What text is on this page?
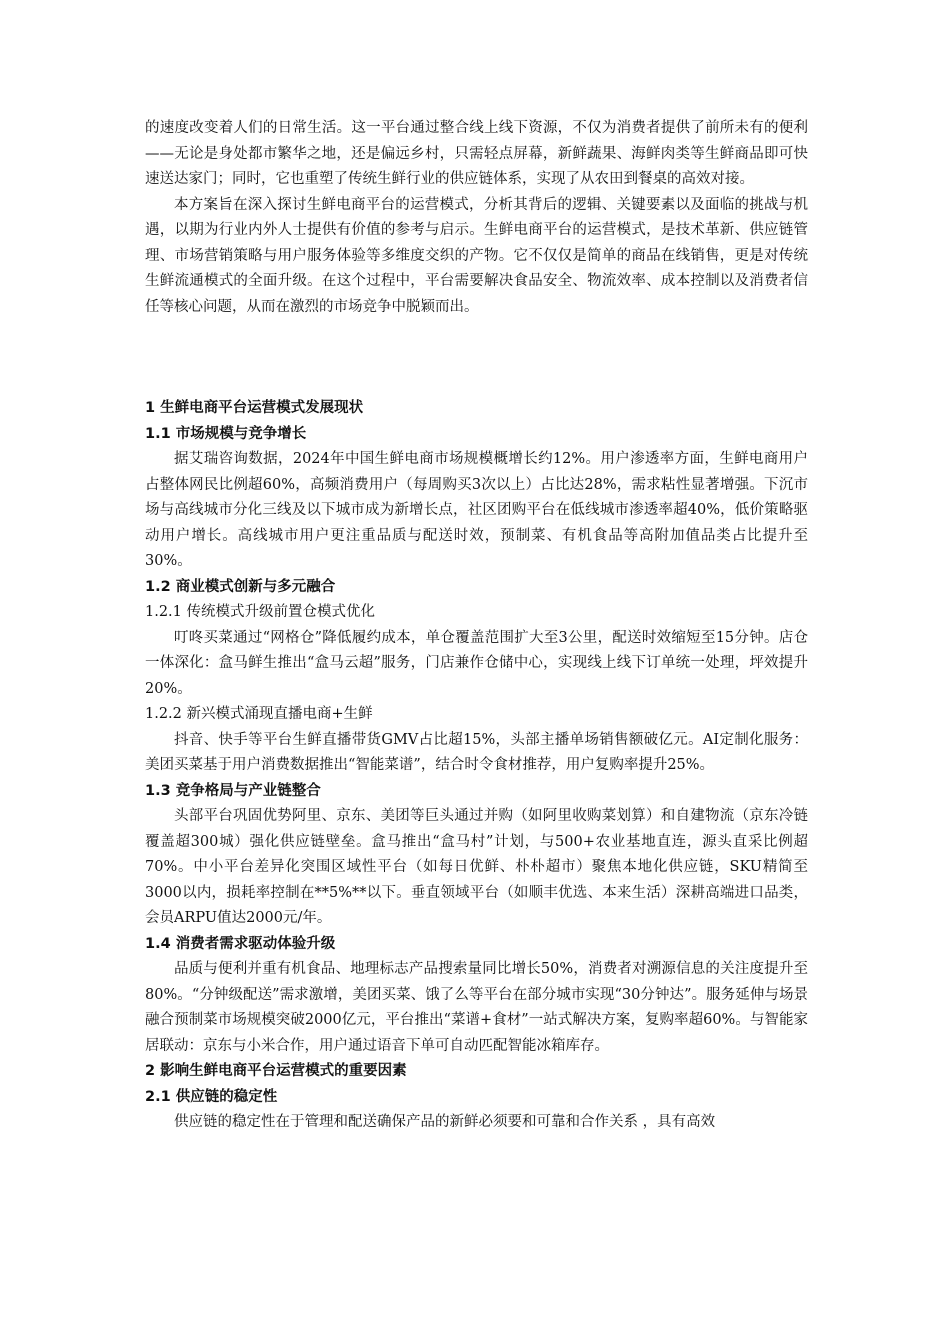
的速度改变着人们的日常生活。这一平台通过整合线上线下资源，不仅为消费者提供了前所未有的便利——无论是身处都市繁华之地，还是偏远乡村，只需轻点屏幕，新鲜蔬果、海鲜肉类等生鲜商品即可快速送达家门；同时，它也重塑了传统生鲜行业的供应链体系，实现了从农田到餐桌的高效对接。

本方案旨在深入探讨生鲜电商平台的运营模式，分析其背后的逻辑、关键要素以及面临的挑战与机遇，以期为行业内外人士提供有价值的参考与启示。生鲜电商平台的运营模式，是技术革新、供应链管理、市场营销策略与用户服务体验等多维度交织的产物。它不仅仅是简单的商品在线销售，更是对传统生鲜流通模式的全面升级。在这个过程中，平台需要解决食品安全、物流效率、成本控制以及消费者信任等核心问题，从而在激烈的市场竞争中脱颖而出。

1 生鲜电商平台运营模式发展现状

1.1 市场规模与竞争增长

据艾瑞咨询数据，2024年中国生鲜电商市场规模概增长约12%。用户渗透率方面，生鲜电商用户占整体网民比例超60%，高频消费用户（每周购买3次以上）占比达28%，需求粘性显著增强。下沉市场与高线城市分化三线及以下城市成为新增长点，社区团购平台在低线城市渗透率超40%，低价策略驱动用户增长。高线城市用户更注重品质与配送时效，预制菜、有机食品等高附加值品类占比提升至30%。

1.2 商业模式创新与多元融合

1.2.1 传统模式升级前置仓模式优化

叮咚买菜通过“网格仓”降低履约成本，单仓覆盖范围扩大至3公里，配送时效缩短至15分钟。店仓一体深化：盒马鲜生推出“盒马云超”服务，门店兼作仓储中心，实现线上线下订单统一处理，坪效提升20%。

1.2.2 新兴模式涌现直播电商+生鲜

抖音、快手等平台生鲜直播带货GMV占比超15%，头部主播单场销售额破亿元。AI定制化服务：美团买菜基于用户消费数据推出“智能菜谱”，结合时令食材推荐，用户复购率提升25%。

1.3 竞争格局与产业链整合

头部平台巩固优势阿里、京东、美团等巨头通过并购（如阿里收购菜划算）和自建物流（京东冷链覆盖超300城）强化供应链壁垒。盒马推出“盒马村”计划，与500+农业基地直连，源头直采比例超70%。中小平台差异化突围区域性平台（如每日优鲜、朴朴超市）聚焦本地化供应链，SKU精简至3000以内，损耗率控制在**5%**以下。垂直领域平台（如顺丰优选、本来生活）深耕高端进口品类，会员ARPU值达2000元/年。

1.4 消费者需求驱动体验升级

品质与便利并重有机食品、地理标志产品搜索量同比增长50%，消费者对溯源信息的关注度提升至80%。“分钟级配送”需求激增，美团买菜、饿了么等平台在部分城市实现“30分钟达”。服务延伸与场景融合预制菜市场规模突破2000亿元，平台推出“菜谱+食材”一站式解决方案，复购率超60%。与智能家居联动：京东与小米合作，用户通过语音下单可自动匹配智能冰箱库存。

2 影响生鲜电商平台运营模式的重要因素

2.1 供应链的稳定性

供应链的稳定性在于管理和配送确保产品的新鲜必须要和可靠和合作关系 ，具有高效
